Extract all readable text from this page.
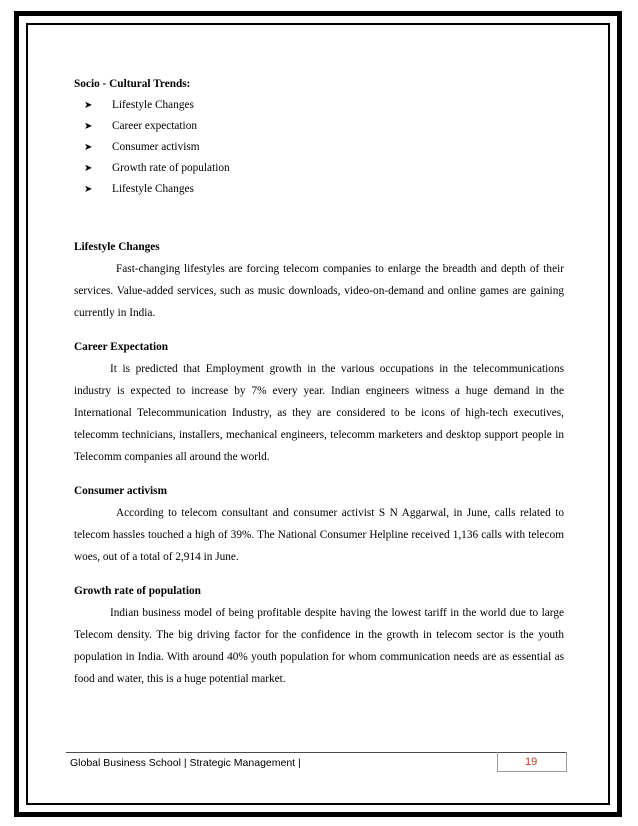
Socio - Cultural Trends:

➤ Lifestyle Changes
➤ Career expectation
➤ Consumer activism
➤ Growth rate of population
➤ Lifestyle Changes

Lifestyle Changes

Fast-changing lifestyles are forcing telecom companies to enlarge the breadth and depth of their services. Value-added services, such as music downloads, video-on-demand and online games are gaining currently in India.

Career Expectation

It is predicted that Employment growth in the various occupations in the telecommunications industry is expected to increase by 7% every year. Indian engineers witness a huge demand in the International Telecommunication Industry, as they are considered to be icons of high-tech executives, telecomm technicians, installers, mechanical engineers, telecomm marketers and desktop support people in Telecomm companies all around the world.

Consumer activism

According to telecom consultant and consumer activist S N Aggarwal, in June, calls related to telecom hassles touched a high of 39%. The National Consumer Helpline received 1,136 calls with telecom woes, out of a total of 2,914 in June.

Growth rate of population

Indian business model of being profitable despite having the lowest tariff in the world due to large Telecom density. The big driving factor for the confidence in the growth in telecom sector is the youth population in India. With around 40% youth population for whom communication needs are as essential as food and water, this is a huge potential market.

Global Business School | Strategic Management |	19
